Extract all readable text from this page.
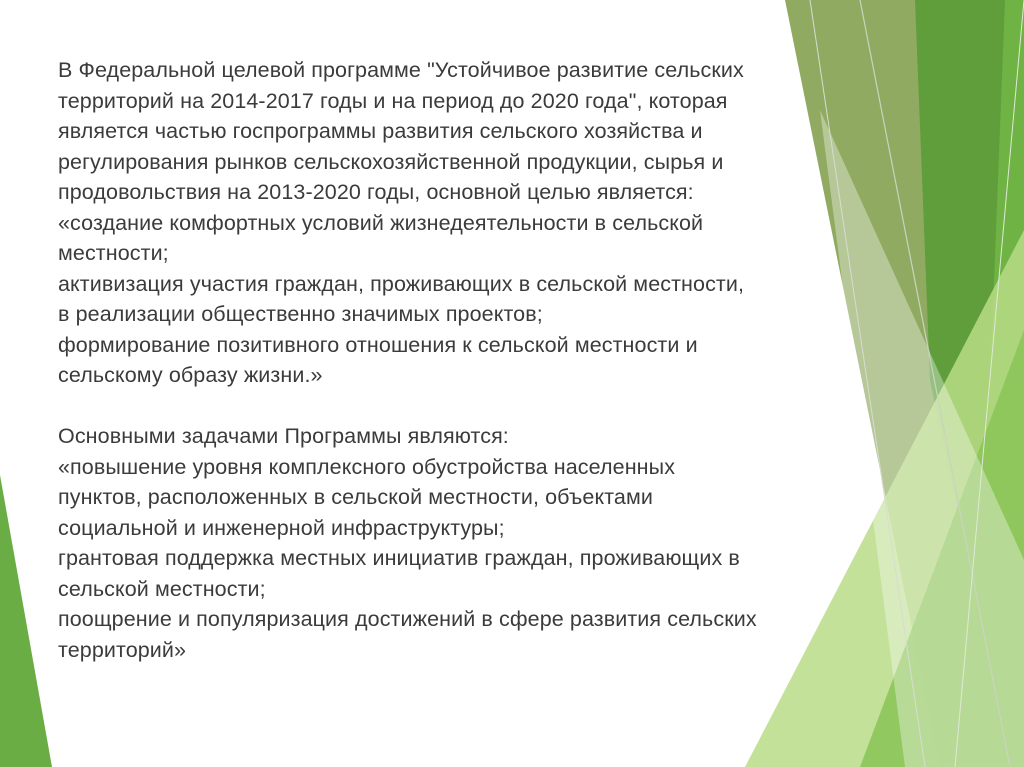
В Федеральной целевой программе "Устойчивое развитие сельских
территорий на 2014-2017 годы и на период до 2020 года", которая
является частью госпрограммы развития сельского хозяйства и
регулирования рынков сельскохозяйственной продукции, сырья и
продовольствия на 2013-2020 годы, основной целью является:
«создание комфортных условий жизнедеятельности в сельской
местности;
активизация участия граждан, проживающих в сельской местности,
в реализации общественно значимых проектов;
формирование позитивного отношения к сельской местности и
сельскому образу жизни.»
Основными задачами Программы являются:
«повышение уровня комплексного обустройства населенных
пунктов, расположенных в сельской местности, объектами
социальной и инженерной инфраструктуры;
грантовая поддержка местных инициатив граждан, проживающих в
сельской местности;
поощрение и популяризация достижений в сфере развития сельских
территорий»
